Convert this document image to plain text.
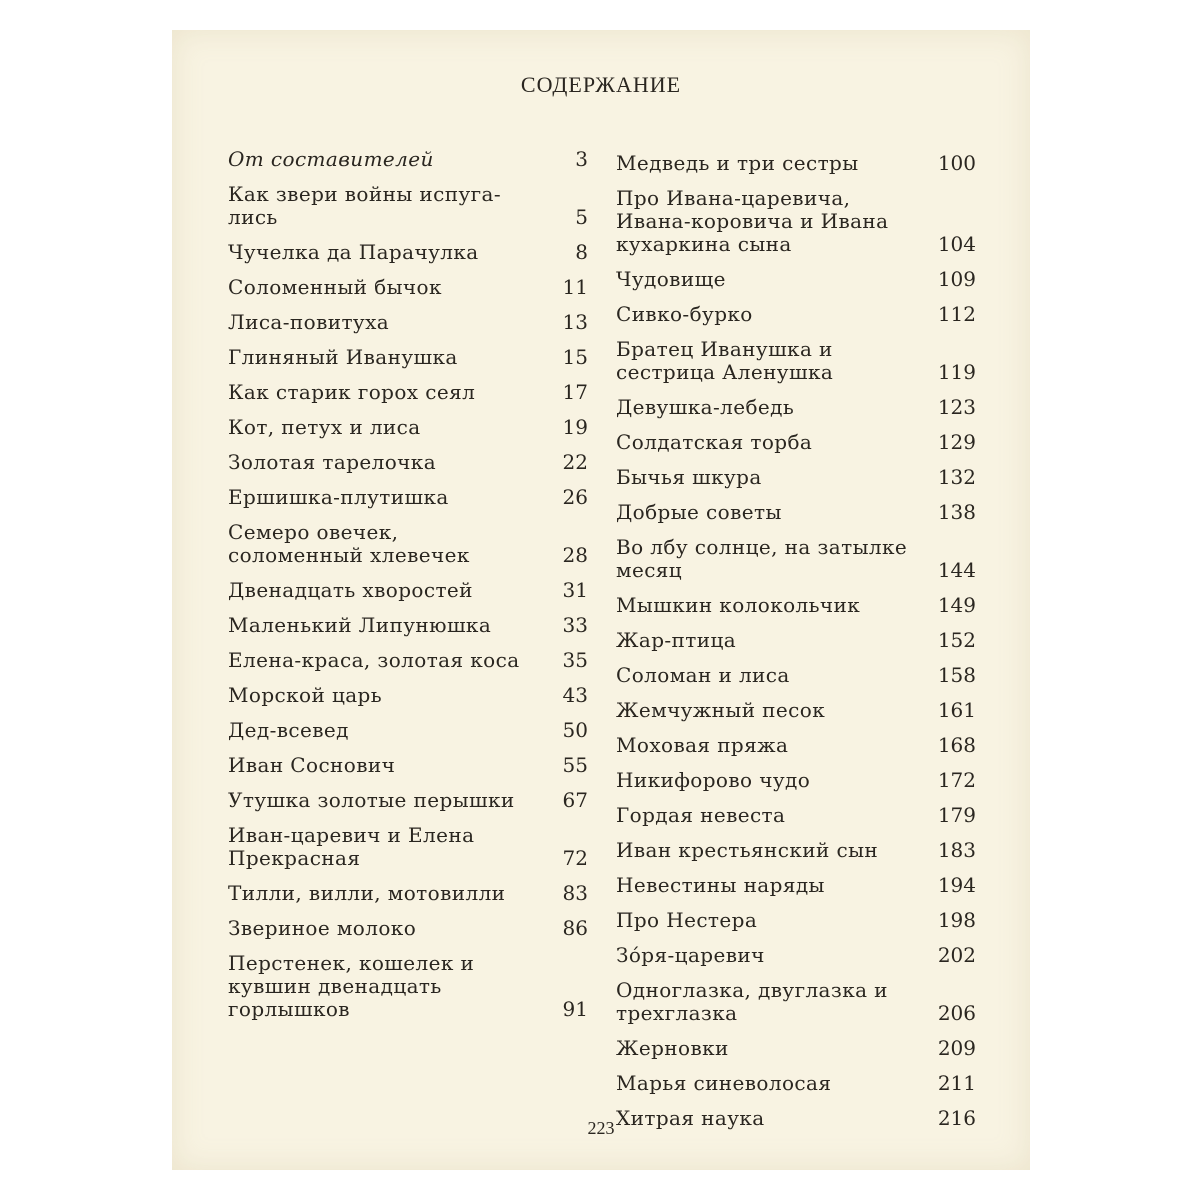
СОДЕРЖАНИЕ
От составителей	3
Как звери войны испуга-лись	5
Чучелка да Парачулка	8
Соломенный бычок	11
Лиса-повитуха	13
Глиняный Иванушка	15
Как старик горох сеял	17
Кот, петух и лиса	19
Золотая тарелочка	22
Ершишка-плутишка	26
Семеро овечек, соломенный хлевечек	28
Двенадцать хворостей	31
Маленький Липунюшка	33
Елена-краса, золотая коса	35
Морской царь	43
Дед-всевед	50
Иван Соснович	55
Утушка золотые перышки	67
Иван-царевич и Елена Прекрасная	72
Тилли, вилли, мотовилли	83
Звериное молоко	86
Перстенек, кошелек и кувшин двенадцать горлышков	91
Медведь и три сестры	100
Про Ивана-царевича, Ивана-коровича и Ивана кухаркина сына	104
Чудовище	109
Сивко-бурко	112
Братец Иванушка и сестрица Аленушка	119
Девушка-лебедь	123
Солдатская торба	129
Бычья шкура	132
Добрые советы	138
Во лбу солнце, на затылке месяц	144
Мышкин колокольчик	149
Жар-птица	152
Соломан и лиса	158
Жемчужный песок	161
Моховая пряжа	168
Никифорово чудо	172
Гордая невеста	179
Иван крестьянский сын	183
Невестины наряды	194
Про Нестера	198
Зо́ря-царевич	202
Одноглазка, двуглазка и трехглазка	206
Жерновки	209
Марья синеволосая	211
Хитрая наука	216
223
